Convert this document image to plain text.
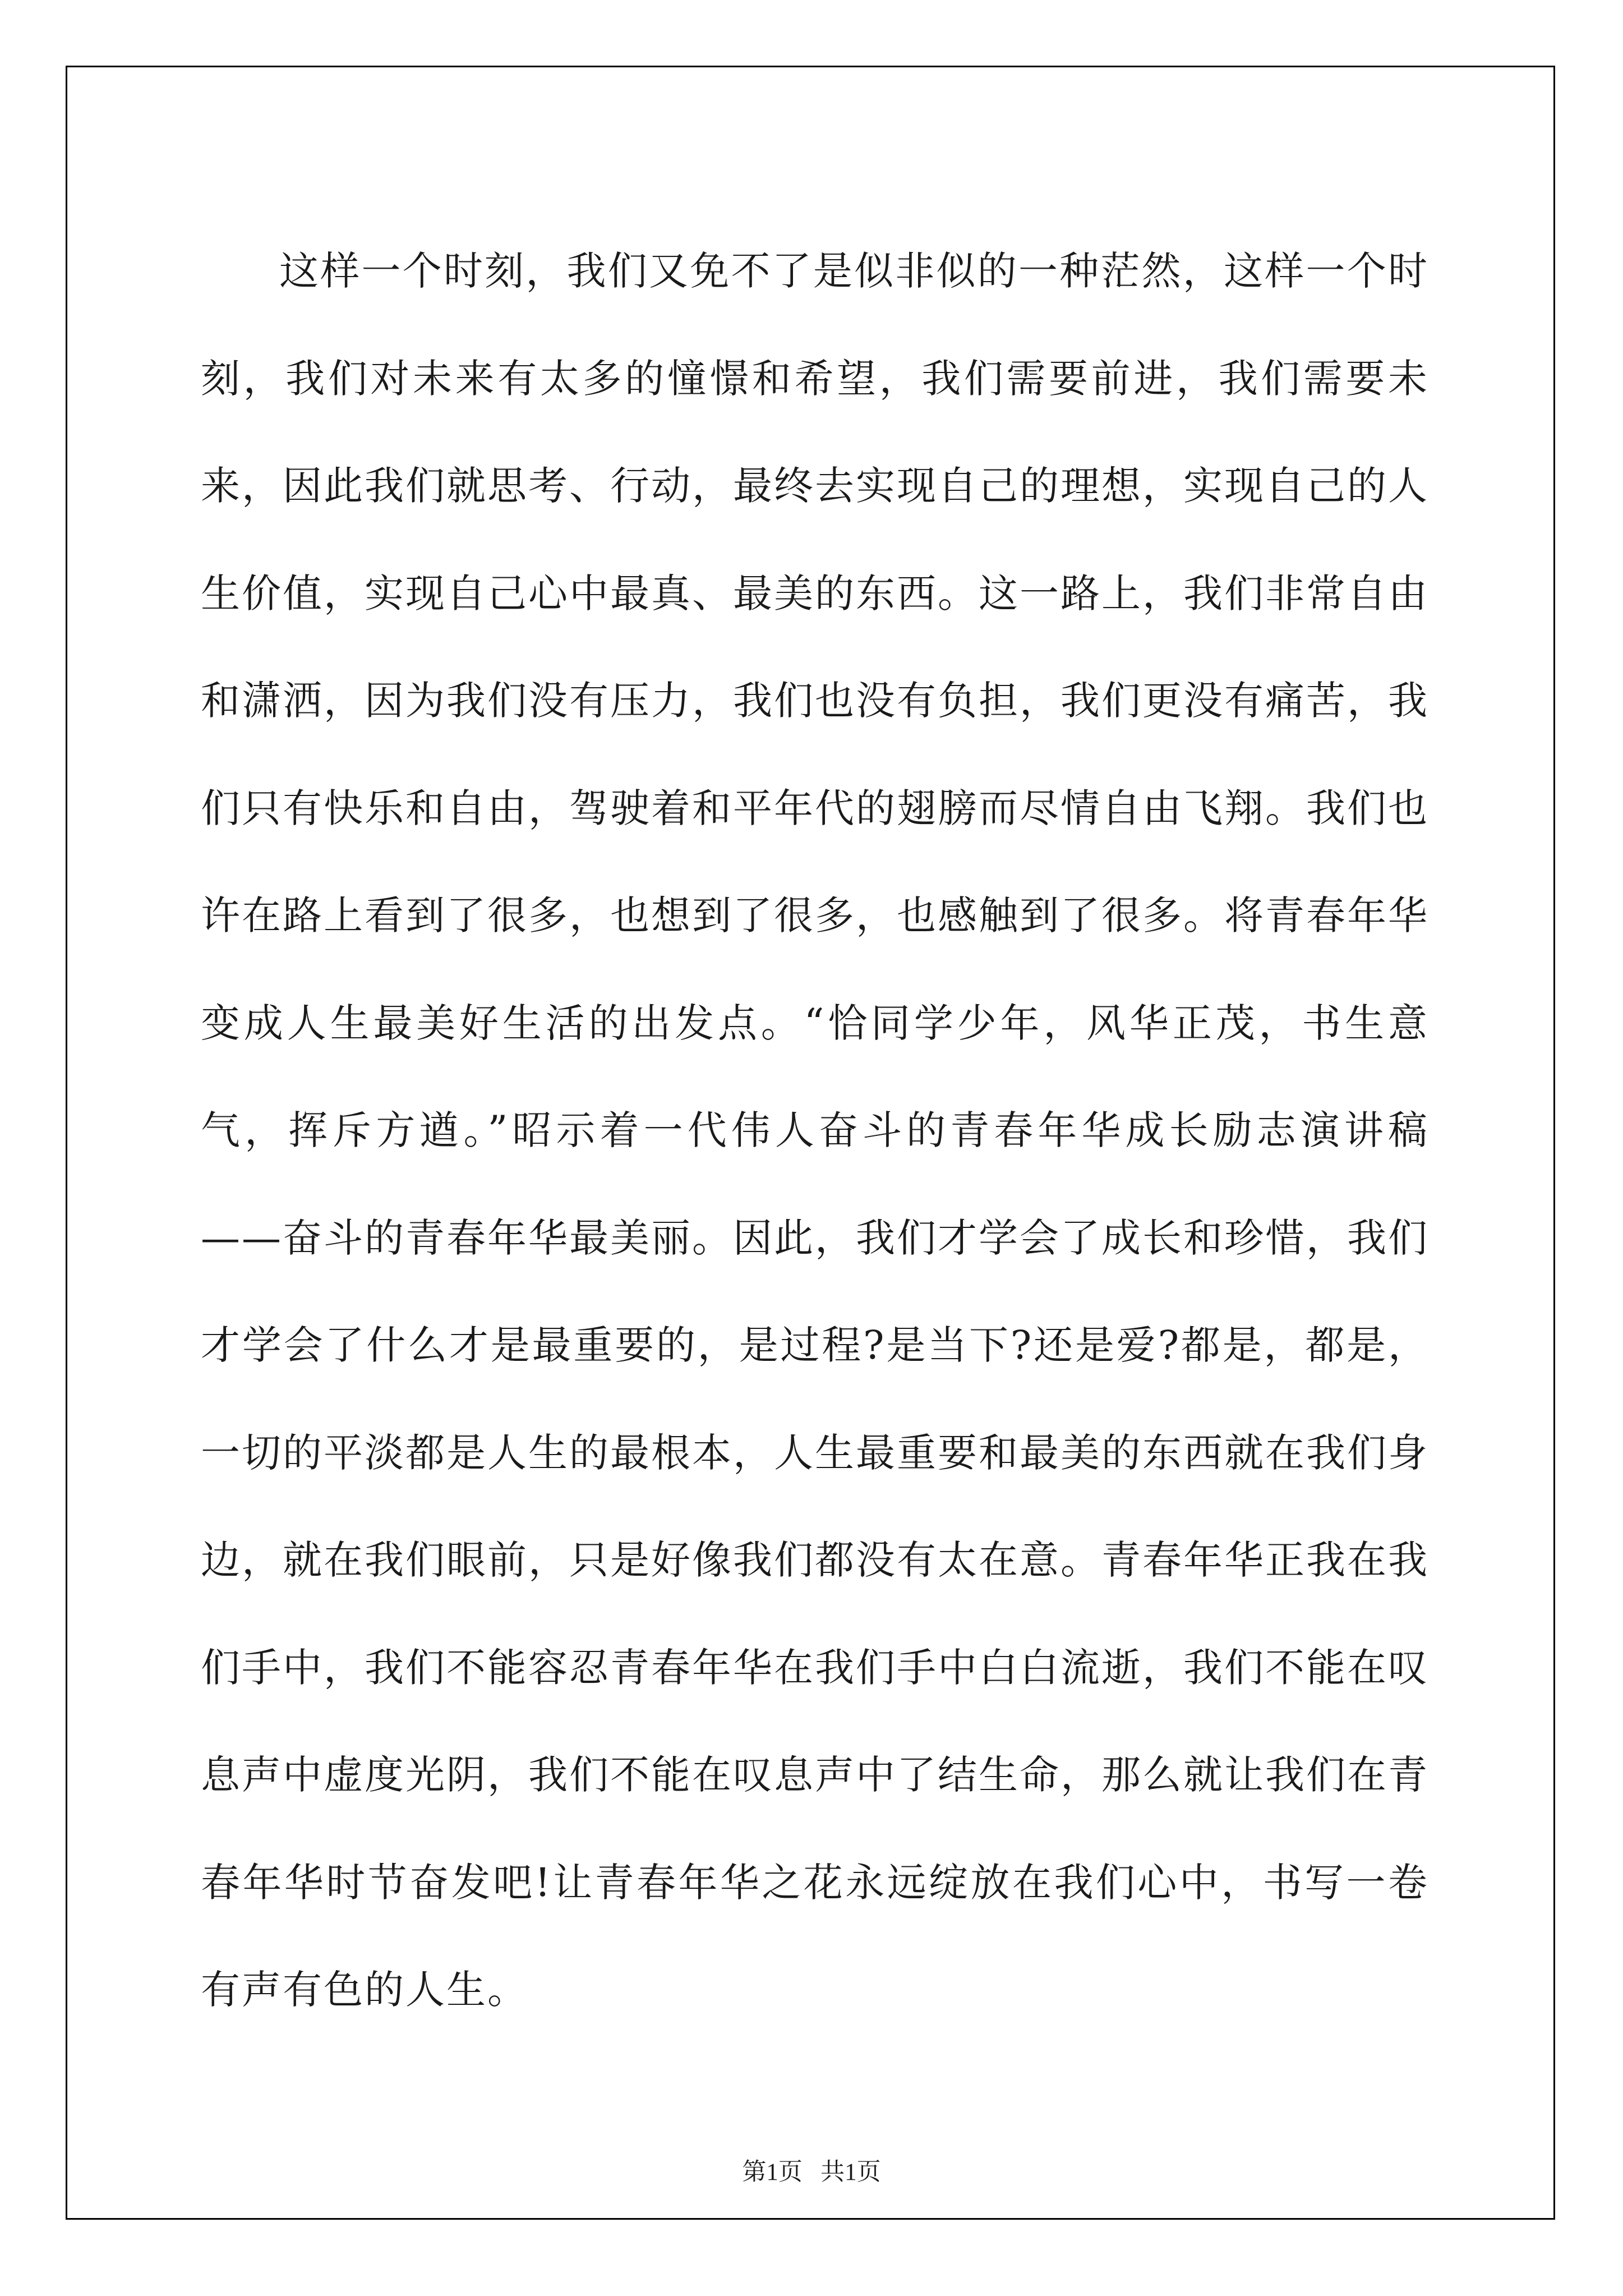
这样一个时刻，我们又免不了是似非似的一种茫然，这样一个时刻，我们对未来有太多的憧憬和希望，我们需要前进，我们需要未来，因此我们就思考、行动，最终去实现自己的理想，实现自己的人生价值，实现自己心中最真、最美的东西。这一路上，我们非常自由和潇洒，因为我们没有压力，我们也没有负担，我们更没有痛苦，我们只有快乐和自由，驾驶着和平年代的翅膀而尽情自由飞翔。我们也许在路上看到了很多，也想到了很多，也感触到了很多。将青春年华变成人生最美好生活的出发点。“恰同学少年，风华正茂，书生意气，挥斥方遒。”昭示着一代伟人奋斗的青春年华成长励志演讲稿——奋斗的青春年华最美丽。因此，我们才学会了成长和珍惜，我们才学会了什么才是最重要的，是过程?是当下?还是爱?都是，都是，一切的平淡都是人生的最根本，人生最重要和最美的东西就在我们身边，就在我们眼前，只是好像我们都没有太在意。青春年华正我在我们手中，我们不能容忍青春年华在我们手中白白流逝，我们不能在叹息声中虚度光阴，我们不能在叹息声中了结生命，那么就让我们在青春年华时节奋发吧!让青春年华之花永远绽放在我们心中，书写一卷有声有色的人生。

第1页   共1页
